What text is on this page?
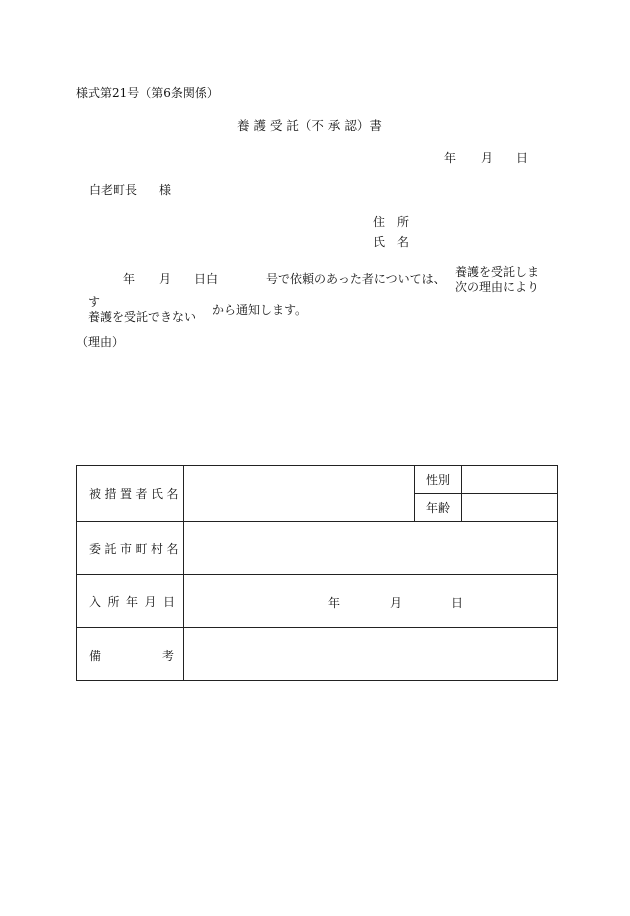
様式第21号（第6条関係）
養 護 受 託（不 承 認）書
年 月 日
白老町長 様
住　所
氏　名
年 月 日白	号で依頼のあった者については、 養護を受託しま
次の理由により
す
養護を受託できない から通知します。
（理由）
被措置者氏名		性別	
		年齢	
委託市町村名			
入所年月日	年 月 日		

備 考			
